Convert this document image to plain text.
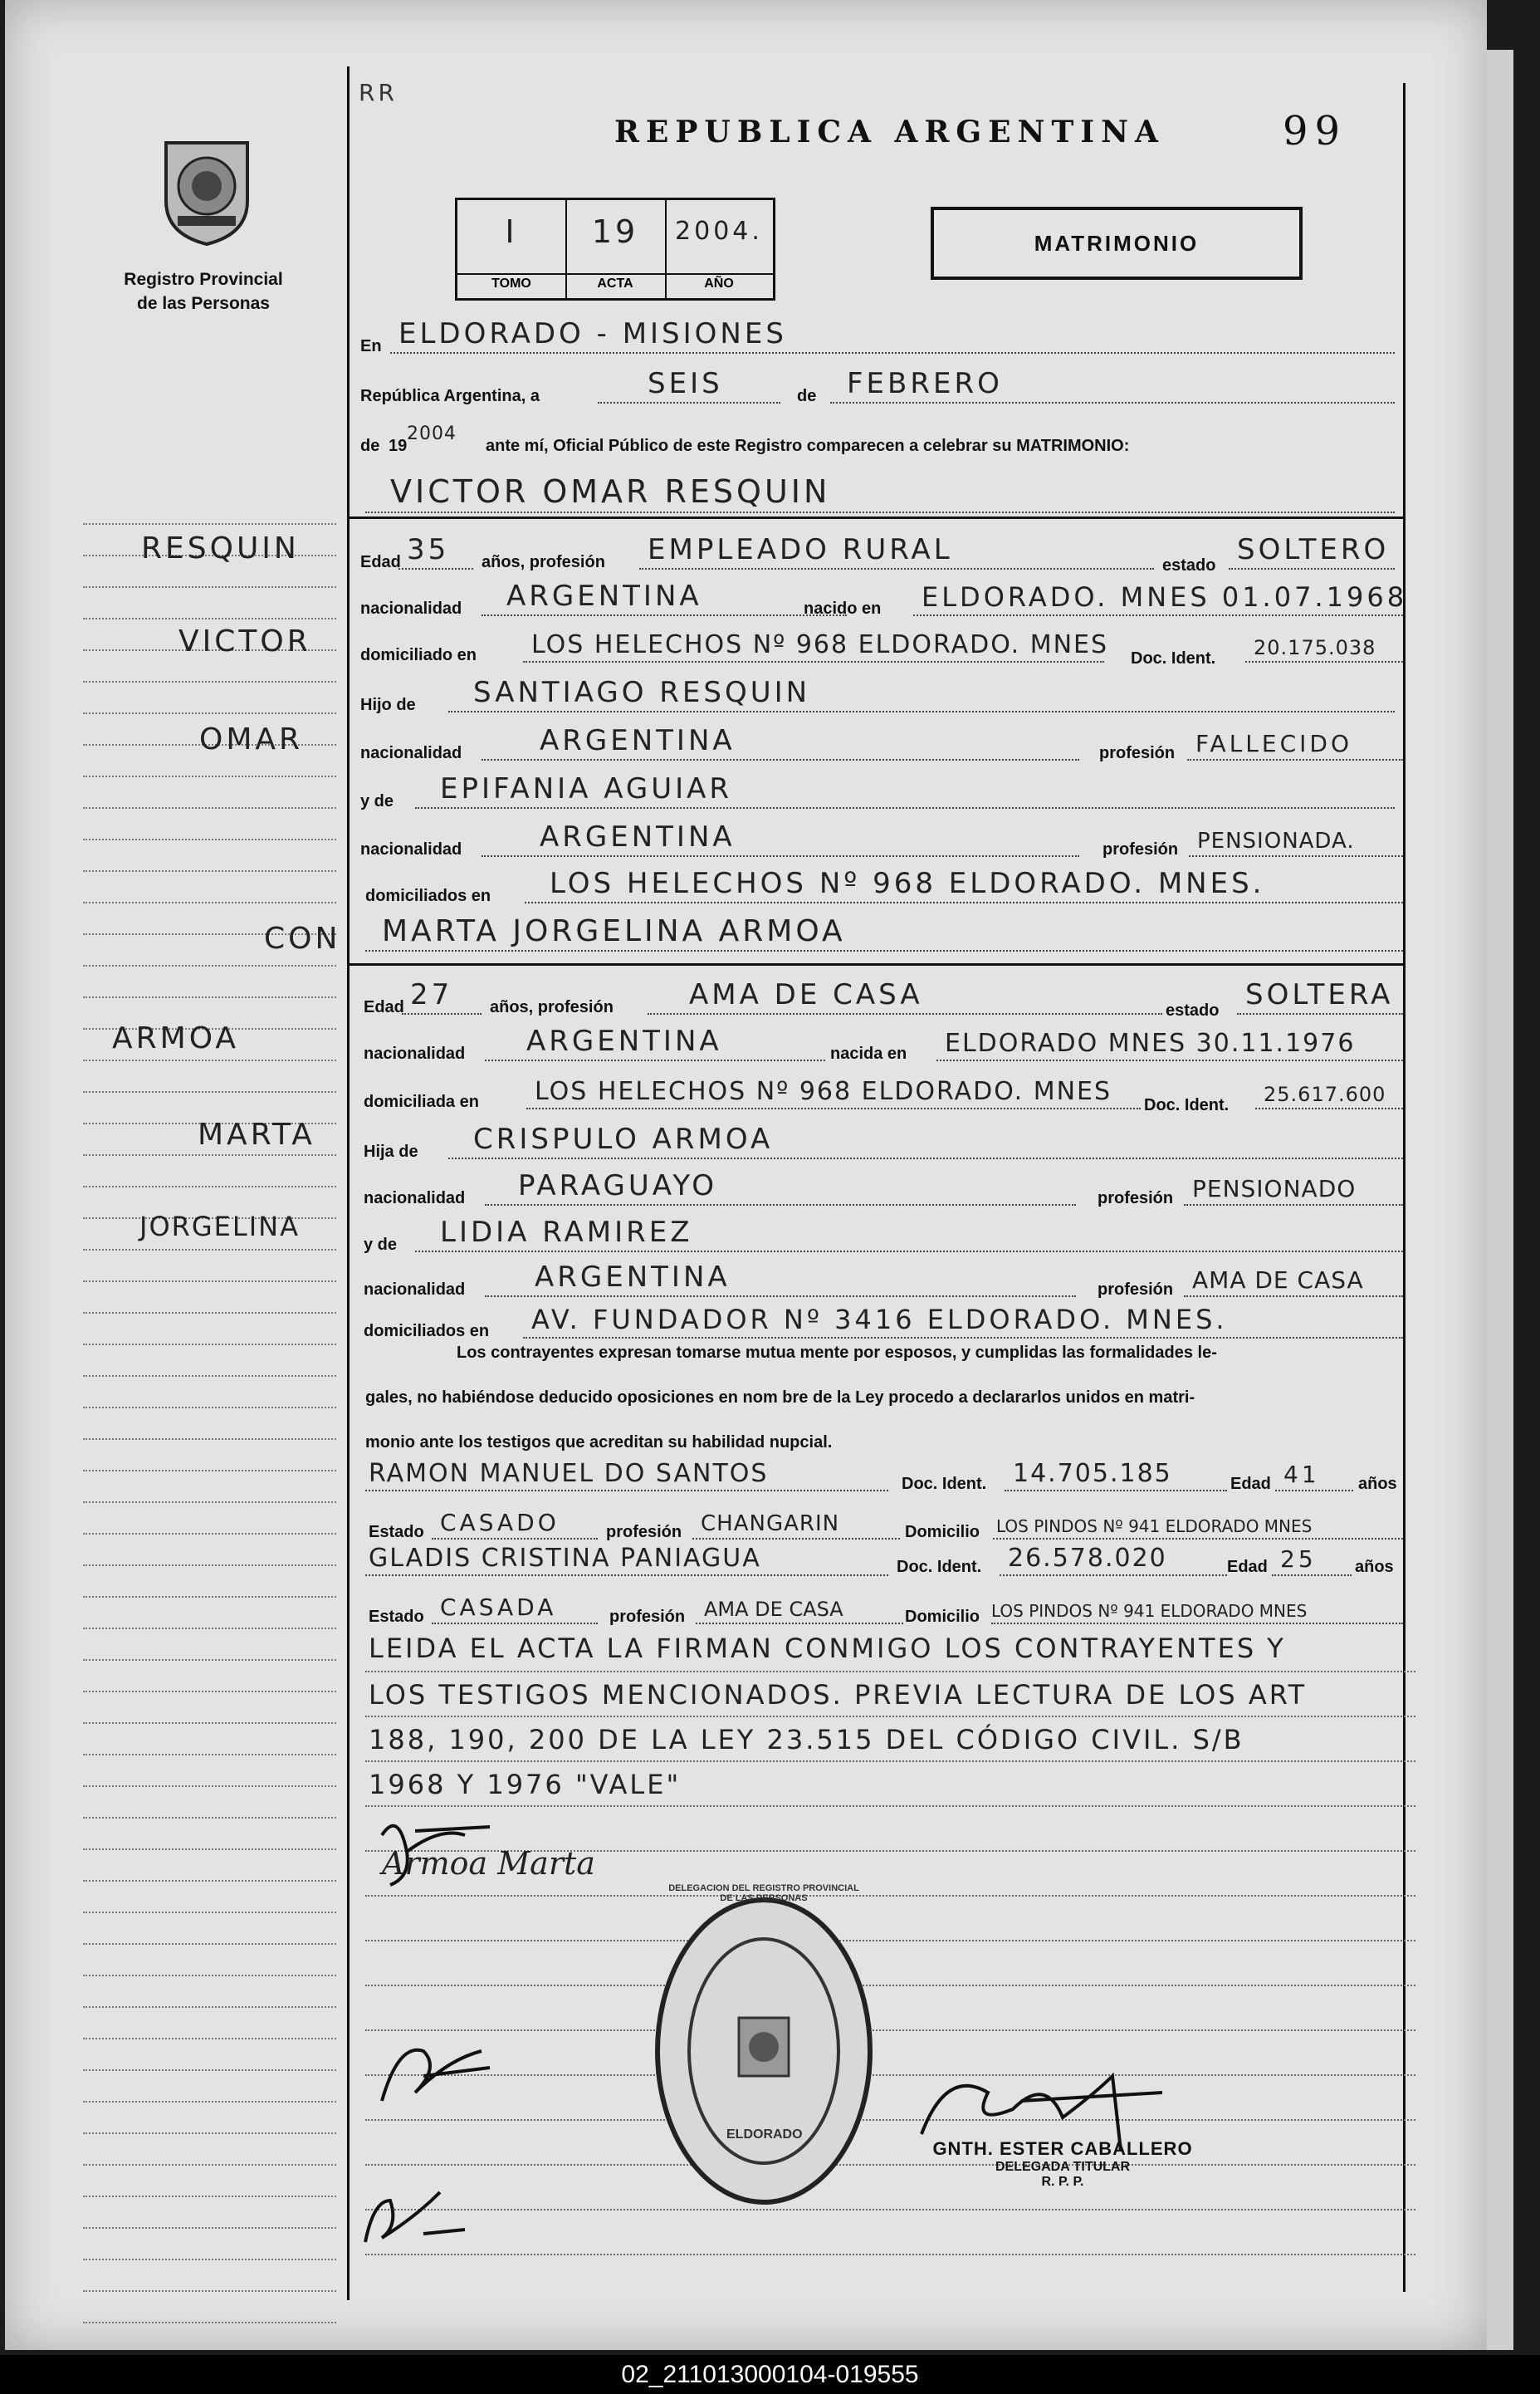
RR
Registro Provincial
de las Personas
REPUBLICA ARGENTINA	99
I
TOMO
19
ACTA
2004.
AÑO
MATRIMONIO
En ELDORADO - MISIONES
República Argentina, a	SEIS	de FEBRERO
de 19
2004
ante mí, Oficial Público de este Registro comparecen a celebrar su MATRIMONIO:
VICTOR OMAR RESQUIN
Edad 35 años, profesión EMPLEADO RURAL	estado SOLTERO
nacionalidad ARGENTINA	nacido en ELDORADO. MNES 01.07.1968
domiciliado en LOS HELECHOS Nº 968 ELDORADO. MNES Doc. Ident. 20.175.038
Hijo de SANTIAGO RESQUIN
nacionalidad	ARGENTINA	profesión FALLECIDO
y de EPIFANIA AGUIAR
nacionalidad	ARGENTINA	profesión PENSIONADA.
domiciliados en LOS HELECHOS Nº 968 ELDORADO. MNES.
MARTA JORGELINA ARMOA
Edad 27 años, profesión	AMA DE CASA	estado SOLTERA
nacionalidad ARGENTINA	nacida en ELDORADO MNES 30.11.1976
domiciliada en LOS HELECHOS Nº 968 ELDORADO. MNES Doc. Ident. 25.617.600
Hija de CRISPULO ARMOA
nacionalidad PARAGUAYO	profesión PENSIONADO
y de LIDIA RAMIREZ
nacionalidad ARGENTINA	profesión AMA DE CASA
domiciliados en AV. FUNDADOR Nº 3416 ELDORADO. MNES.
Los contrayentes expresan tomarse mutua mente por esposos, y cumplidas las formalidades le-
gales, no habiéndose deducido oposiciones en nom bre de la Ley procedo a declararlos unidos en matri-
monio ante los testigos que acreditan su habilidad nupcial.
RAMON MANUEL DO SANTOS	Doc. Ident. 14.705.185	Edad 41 años
Estado CASADO	profesión CHANGARIN	Domicilio LOS PINDOS Nº 941 ELDORADO MNES
GLADIS CRISTINA PANIAGUA	Doc. Ident. 26.578.020	Edad 25 años
Estado CASADA	profesión AMA DE CASA	Domicilio LOS PINDOS Nº 941 ELDORADO MNES
LEIDA EL ACTA LA FIRMAN CONMIGO LOS CONTRAYENTES Y
LOS TESTIGOS MENCIONADOS. PREVIA LECTURA DE LOS ART
188, 190, 200 DE LA LEY 23.515 DEL CÓDIGO CIVIL. S/B
1968 Y 1976 "VALE"
Armoa Marta
ELDORADO
DELEGACION DEL REGISTRO PROVINCIAL DE LAS PERSONAS
GNTH. ESTER CABALLERO
DELEGADA TITULAR
R. P. P.
RESQUIN
VICTOR
OMAR
CON
ARMOA
MARTA
JORGELINA
02_211013000104-019555
